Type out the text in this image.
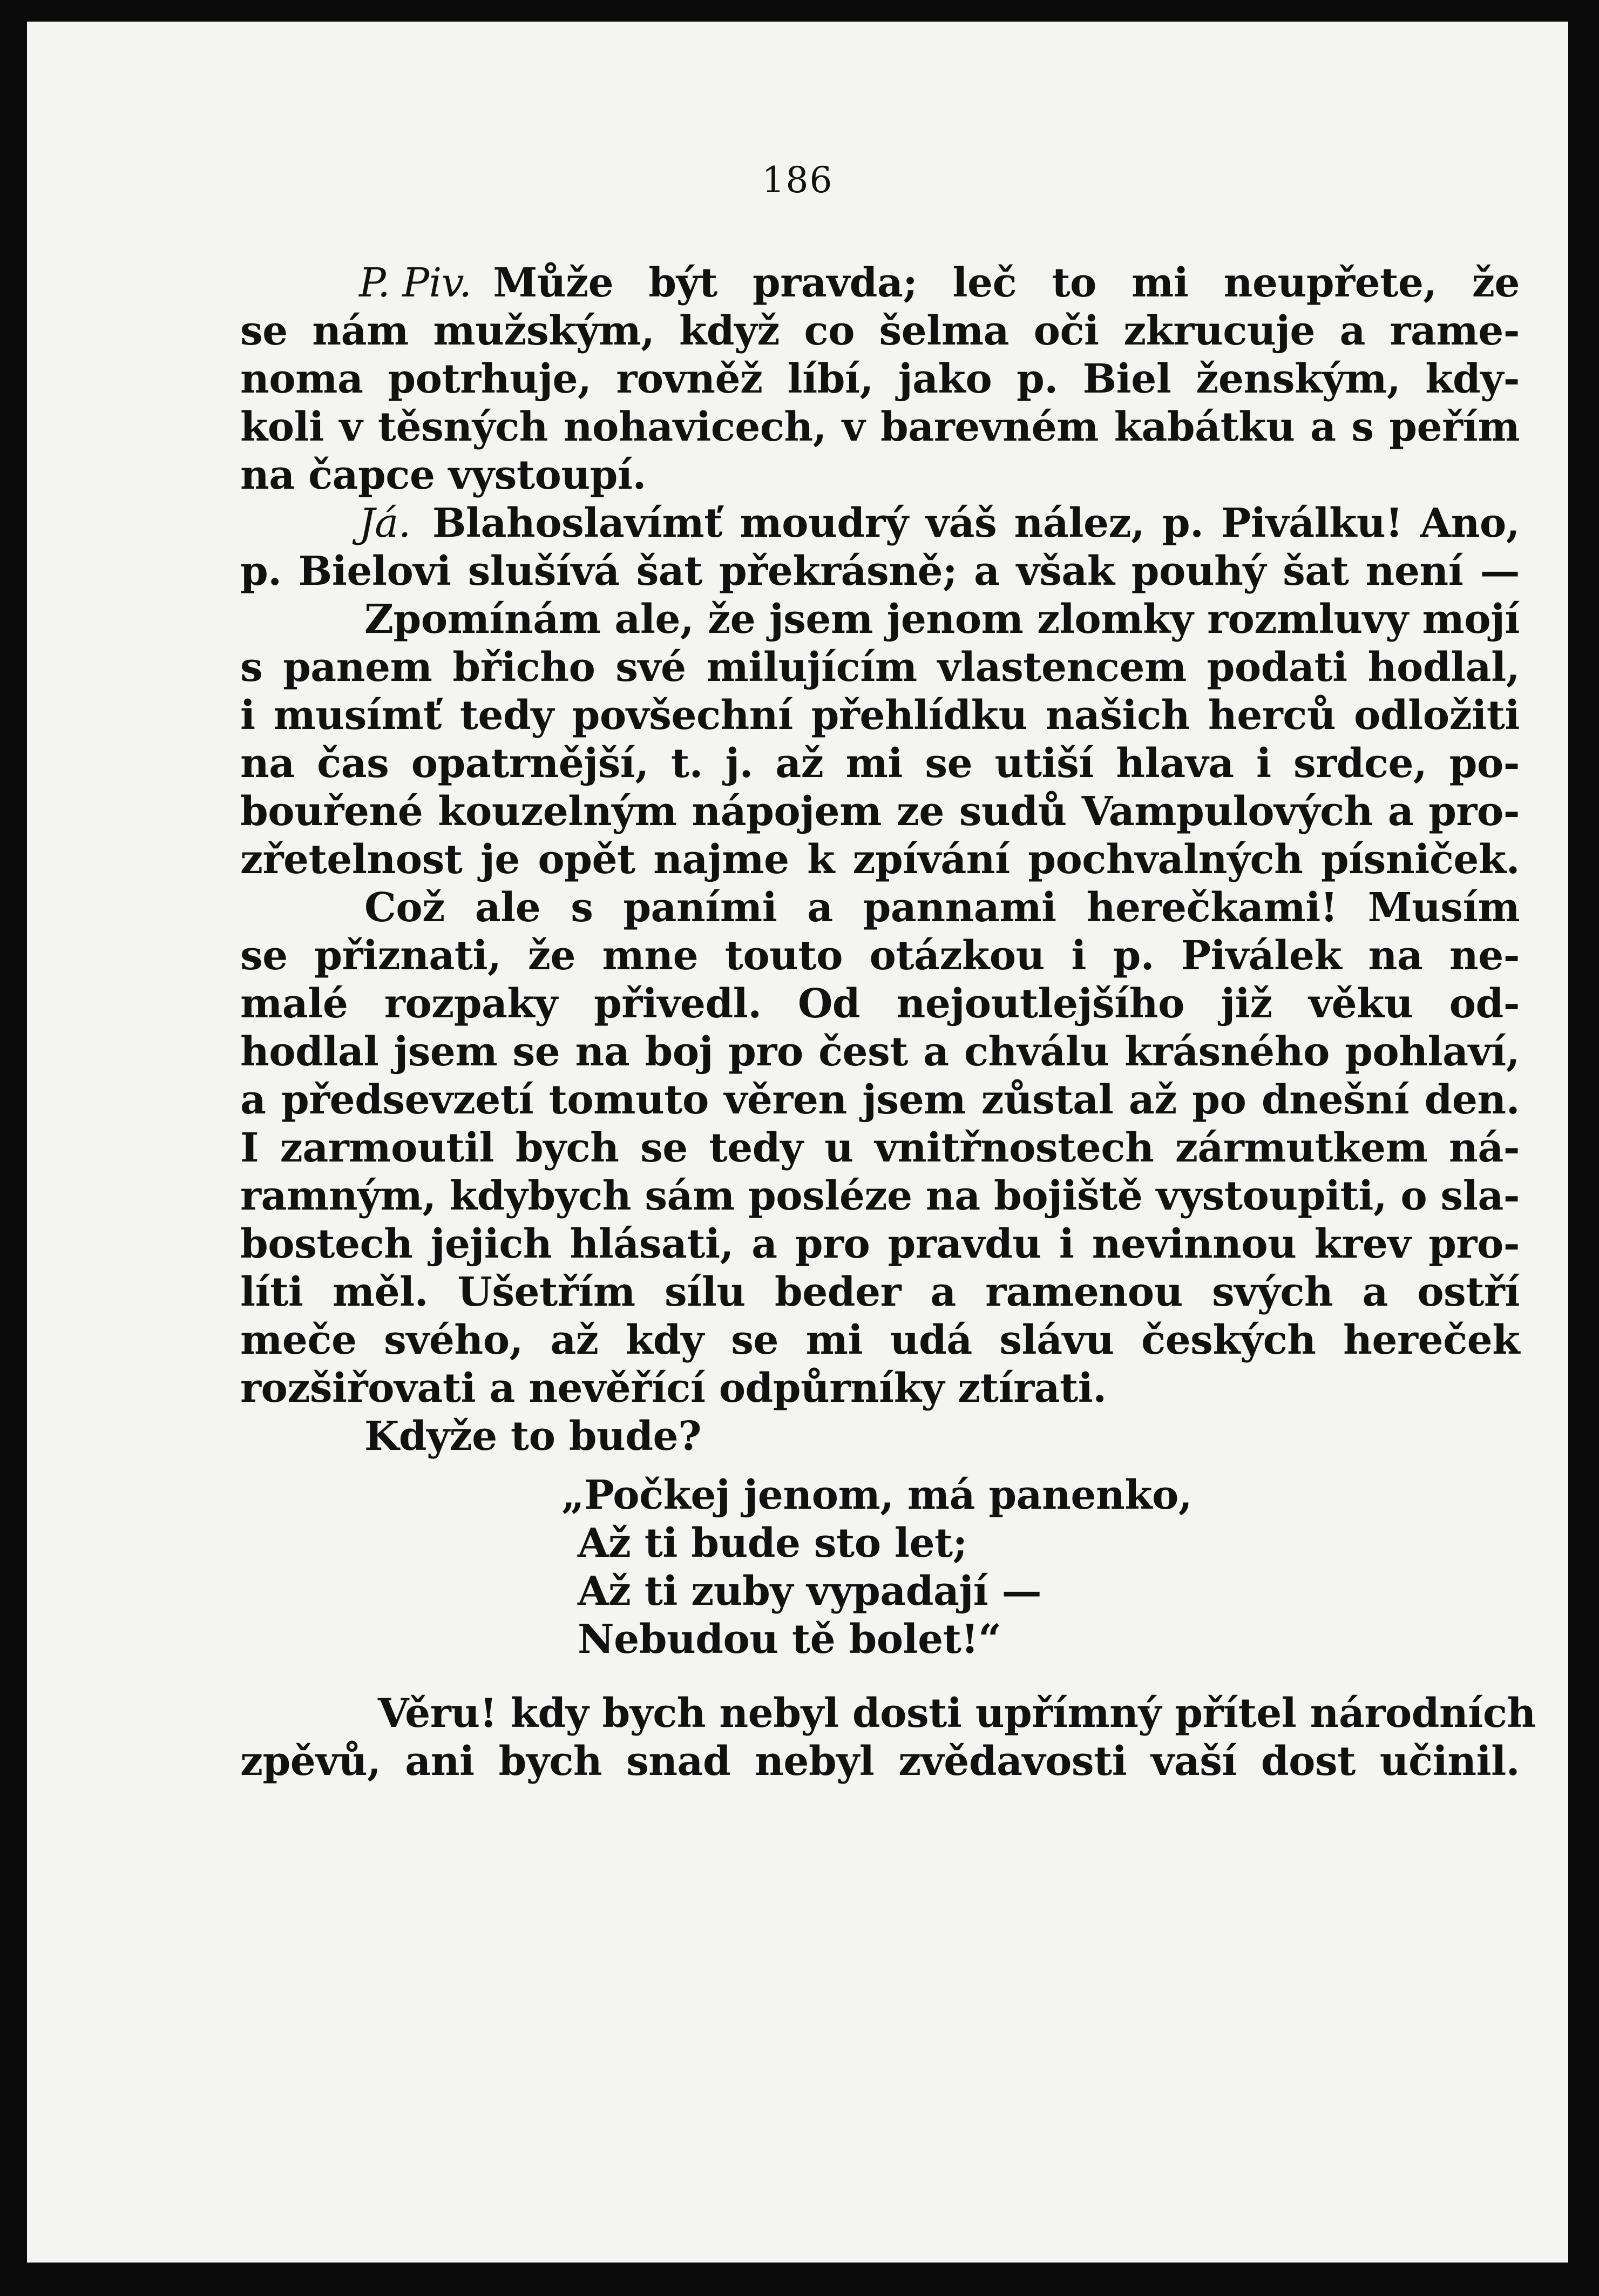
186
P. Piv. Může být pravda; leč to mi neupřete, že
se nám mužským, když co šelma oči zkrucuje a rame-
noma potrhuje, rovněž líbí, jako p. Biel ženským, kdy-
koli v těsných nohavicech, v barevném kabátku a s peřím
na čapce vystoupí.
Já. Blahoslavímť moudrý váš nález, p. Piválku! Ano,
p. Bielovi slušívá šat překrásně; a však pouhý šat není —
Zpomínám ale, že jsem jenom zlomky rozmluvy mojí
s panem břicho své milujícím vlastencem podati hodlal,
i musímť tedy povšechní přehlídku našich herců odložiti
na čas opatrnější, t. j. až mi se utiší hlava i srdce, po-
bouřené kouzelným nápojem ze sudů Vampulových a pro-
zřetelnost je opět najme k zpívání pochvalných písniček.
Což ale s paními a pannami herečkami! Musím
se přiznati, že mne touto otázkou i p. Piválek na ne-
malé rozpaky přivedl. Od nejoutlejšího již věku od-
hodlal jsem se na boj pro čest a chválu krásného pohlaví,
a předsevzetí tomuto věren jsem zůstal až po dnešní den.
I zarmoutil bych se tedy u vnitřnostech zármutkem ná-
ramným, kdybych sám posléze na bojiště vystoupiti, o sla-
bostech jejich hlásati, a pro pravdu i nevinnou krev pro-
líti měl. Ušetřím sílu beder a ramenou svých a ostří
meče svého, až kdy se mi udá slávu českých hereček
rozšiřovati a nevěřící odpůrníky ztírati.
Kdyže to bude?
„Počkej jenom, má panenko,
Až ti bude sto let;
Až ti zuby vypadají —
Nebudou tě bolet!“
Věru! kdy bych nebyl dosti upřímný přítel národních
zpěvů, ani bych snad nebyl zvědavosti vaší dost učinil.
